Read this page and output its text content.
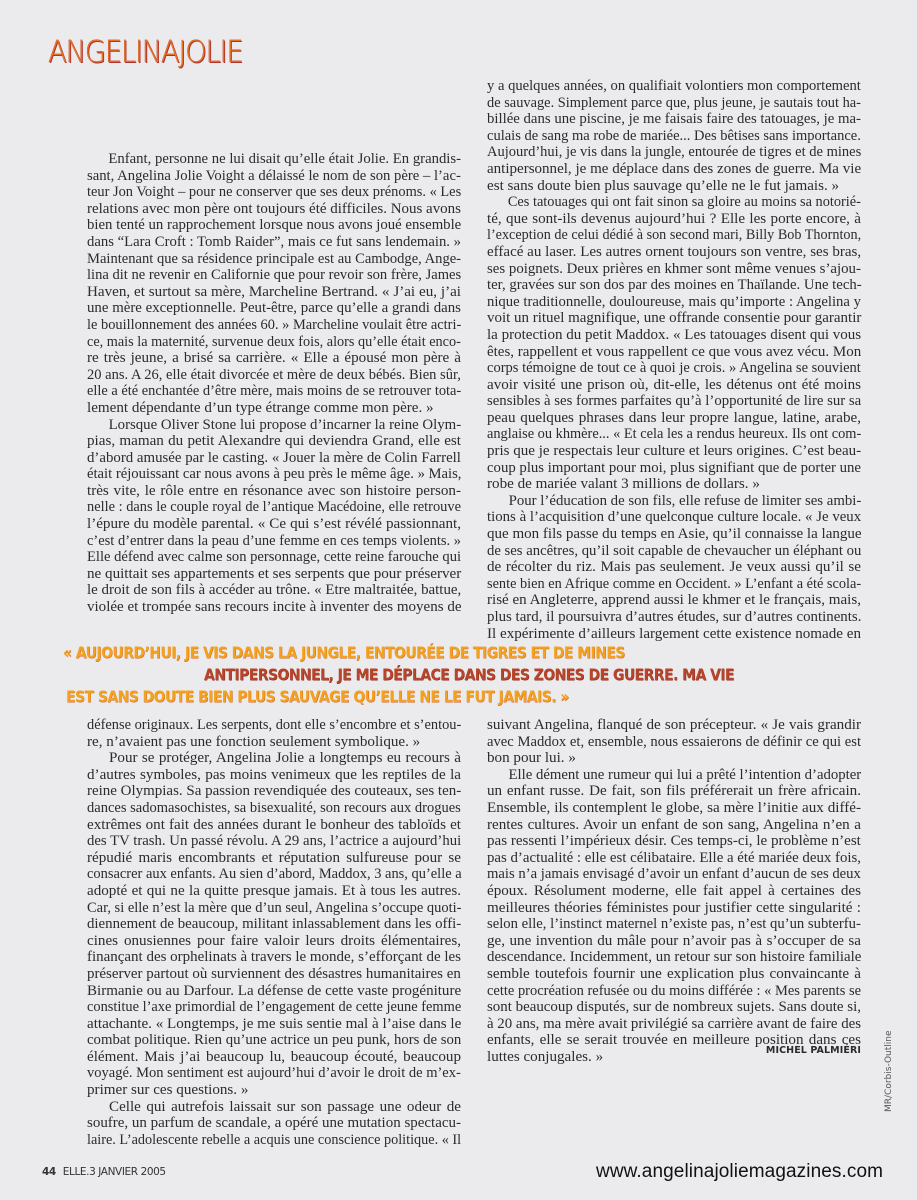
ANGELINAJOLIE

Enfant, personne ne lui disait qu’elle était Jolie. En grandis-
sant, Angelina Jolie Voight a délaissé le nom de son père – l’ac-
teur Jon Voight – pour ne conserver que ses deux prénoms. « Les
relations avec mon père ont toujours été difficiles. Nous avons
bien tenté un rapprochement lorsque nous avons joué ensemble
dans “Lara Croft : Tomb Raider”, mais ce fut sans lendemain. »
Maintenant que sa résidence principale est au Cambodge, Ange-
lina dit ne revenir en Californie que pour revoir son frère, James
Haven, et surtout sa mère, Marcheline Bertrand. « J’ai eu, j’ai
une mère exceptionnelle. Peut-être, parce qu’elle a grandi dans
le bouillonnement des années 60. » Marcheline voulait être actri-
ce, mais la maternité, survenue deux fois, alors qu’elle était enco-
re très jeune, a brisé sa carrière. « Elle a épousé mon père à
20 ans. A 26, elle était divorcée et mère de deux bébés. Bien sûr,
elle a été enchantée d’être mère, mais moins de se retrouver tota-
lement dépendante d’un type étrange comme mon père. »

Lorsque Oliver Stone lui propose d’incarner la reine Olym-
pias, maman du petit Alexandre qui deviendra Grand, elle est
d’abord amusée par le casting. « Jouer la mère de Colin Farrell
était réjouissant car nous avons à peu près le même âge. » Mais,
très vite, le rôle entre en résonance avec son histoire person-
nelle : dans le couple royal de l’antique Macédoine, elle retrouve
l’épure du modèle parental. « Ce qui s’est révélé passionnant,
c’est d’entrer dans la peau d’une femme en ces temps violents. »
Elle défend avec calme son personnage, cette reine farouche qui
ne quittait ses appartements et ses serpents que pour préserver
le droit de son fils à accéder au trône. « Etre maltraitée, battue,
violée et trompée sans recours incite à inventer des moyens de

y a quelques années, on qualifiait volontiers mon comportement
de sauvage. Simplement parce que, plus jeune, je sautais tout ha-
billée dans une piscine, je me faisais faire des tatouages, je ma-
culais de sang ma robe de mariée... Des bêtises sans importance.
Aujourd’hui, je vis dans la jungle, entourée de tigres et de mines
antipersonnel, je me déplace dans des zones de guerre. Ma vie
est sans doute bien plus sauvage qu’elle ne le fut jamais. »

Ces tatouages qui ont fait sinon sa gloire au moins sa notorié-
té, que sont-ils devenus aujourd’hui ? Elle les porte encore, à
l’exception de celui dédié à son second mari, Billy Bob Thornton,
effacé au laser. Les autres ornent toujours son ventre, ses bras,
ses poignets. Deux prières en khmer sont même venues s’ajou-
ter, gravées sur son dos par des moines en Thaïlande. Une tech-
nique traditionnelle, douloureuse, mais qu’importe : Angelina y
voit un rituel magnifique, une offrande consentie pour garantir
la protection du petit Maddox. « Les tatouages disent qui vous
êtes, rappellent et vous rappellent ce que vous avez vécu. Mon
corps témoigne de tout ce à quoi je crois. » Angelina se souvient
avoir visité une prison où, dit-elle, les détenus ont été moins
sensibles à ses formes parfaites qu’à l’opportunité de lire sur sa
peau quelques phrases dans leur propre langue, latine, arabe,
anglaise ou khmère... « Et cela les a rendus heureux. Ils ont com-
pris que je respectais leur culture et leurs origines. C’est beau-
coup plus important pour moi, plus signifiant que de porter une
robe de mariée valant 3 millions de dollars. »

Pour l’éducation de son fils, elle refuse de limiter ses ambi-
tions à l’acquisition d’une quelconque culture locale. « Je veux
que mon fils passe du temps en Asie, qu’il connaisse la langue
de ses ancêtres, qu’il soit capable de chevaucher un éléphant ou
de récolter du riz. Mais pas seulement. Je veux aussi qu’il se
sente bien en Afrique comme en Occident. » L’enfant a été scola-
risé en Angleterre, apprend aussi le khmer et le français, mais,
plus tard, il poursuivra d’autres études, sur d’autres continents.
Il expérimente d’ailleurs largement cette existence nomade en

« AUJOURD’HUI, JE VIS DANS LA JUNGLE, ENTOURÉE DE TIGRES ET DE MINES
ANTIPERSONNEL, JE ME DÉPLACE DANS DES ZONES DE GUERRE. MA VIE
EST SANS DOUTE BIEN PLUS SAUVAGE QU’ELLE NE LE FUT JAMAIS. »

défense originaux. Les serpents, dont elle s’encombre et s’entou-
re, n’avaient pas une fonction seulement symbolique. »

Pour se protéger, Angelina Jolie a longtemps eu recours à
d’autres symboles, pas moins venimeux que les reptiles de la
reine Olympias. Sa passion revendiquée des couteaux, ses ten-
dances sadomasochistes, sa bisexualité, son recours aux drogues
extrêmes ont fait des années durant le bonheur des tabloïds et
des TV trash. Un passé révolu. A 29 ans, l’actrice a aujourd’hui
répudié maris encombrants et réputation sulfureuse pour se
consacrer aux enfants. Au sien d’abord, Maddox, 3 ans, qu’elle a
adopté et qui ne la quitte presque jamais. Et à tous les autres.
Car, si elle n’est la mère que d’un seul, Angelina s’occupe quoti-
diennement de beaucoup, militant inlassablement dans les offi-
cines onusiennes pour faire valoir leurs droits élémentaires,
finançant des orphelinats à travers le monde, s’efforçant de les
préserver partout où surviennent des désastres humanitaires en
Birmanie ou au Darfour. La défense de cette vaste progéniture
constitue l’axe primordial de l’engagement de cette jeune femme
attachante. « Longtemps, je me suis sentie mal à l’aise dans le
combat politique. Rien qu’une actrice un peu punk, hors de son
élément. Mais j’ai beaucoup lu, beaucoup écouté, beaucoup
voyagé. Mon sentiment est aujourd’hui d’avoir le droit de m’ex-
primer sur ces questions. »

Celle qui autrefois laissait sur son passage une odeur de
soufre, un parfum de scandale, a opéré une mutation spectacu-
laire. L’adolescente rebelle a acquis une conscience politique. « Il

suivant Angelina, flanqué de son précepteur. « Je vais grandir
avec Maddox et, ensemble, nous essaierons de définir ce qui est
bon pour lui. »

Elle dément une rumeur qui lui a prêté l’intention d’adopter
un enfant russe. De fait, son fils préférerait un frère africain.
Ensemble, ils contemplent le globe, sa mère l’initie aux diffé-
rentes cultures. Avoir un enfant de son sang, Angelina n’en a
pas ressenti l’impérieux désir. Ces temps-ci, le problème n’est
pas d’actualité : elle est célibataire. Elle a été mariée deux fois,
mais n’a jamais envisagé d’avoir un enfant d’aucun de ses deux
époux. Résolument moderne, elle fait appel à certaines des
meilleures théories féministes pour justifier cette singularité :
selon elle, l’instinct maternel n’existe pas, n’est qu’un subterfu-
ge, une invention du mâle pour n’avoir pas à s’occuper de sa
descendance. Incidemment, un retour sur son histoire familiale
semble toutefois fournir une explication plus convaincante à
cette procréation refusée ou du moins différée : « Mes parents se
sont beaucoup disputés, sur de nombreux sujets. Sans doute si,
à 20 ans, ma mère avait privilégié sa carrière avant de faire des
enfants, elle se serait trouvée en meilleure position dans ces
luttes conjugales. »	MICHEL PALMIÉRI	MR/Corbis-Outline
44 ELLE.3 JANVIER 2005	www.angelinajoliemagazines.com
